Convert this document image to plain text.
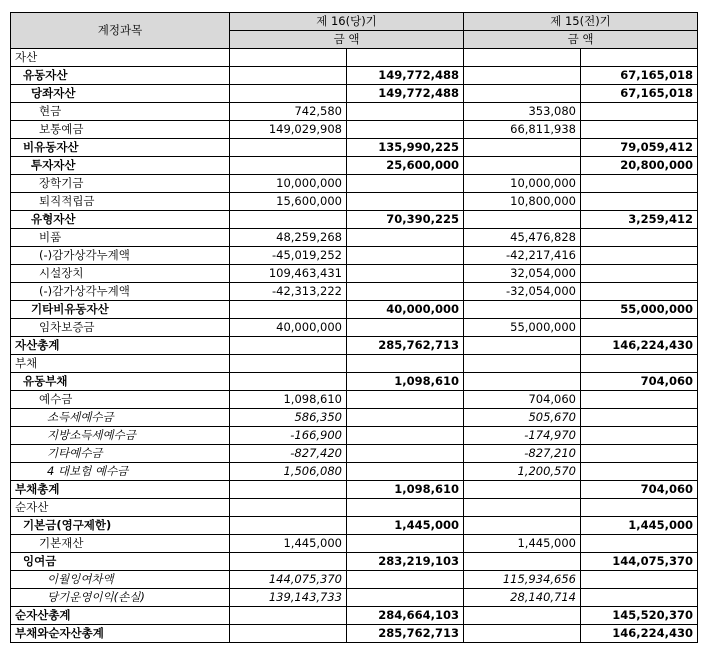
계정과목	제 16(당)기		제 15(전)기	
	금 액		금 액	
자산				
유동자산		149,772,488		67,165,018
당좌자산		149,772,488		67,165,018
현금	742,580		353,080	
보통예금	149,029,908		66,811,938	
비유동자산		135,990,225		79,059,412
투자자산		25,600,000		20,800,000
장학기금	10,000,000		10,000,000	
퇴직적립금	15,600,000		10,800,000	
유형자산		70,390,225		3,259,412
비품	48,259,268		45,476,828	
(-)감가상각누계액	-45,019,252		-42,217,416	
시설장치	109,463,431		32,054,000	
(-)감가상각누계액	-42,313,222		-32,054,000	
기타비유동자산		40,000,000		55,000,000
임차보증금	40,000,000		55,000,000	
자산총계		285,762,713		146,224,430
부채				
유동부채		1,098,610		704,060
예수금	1,098,610		704,060	
소득세예수금	586,350		505,670	
지방소득세예수금	-166,900		-174,970	
기타예수금	-827,420		-827,210	
4 대보험 예수금	1,506,080		1,200,570	
부채총계		1,098,610		704,060
순자산				
기본금(영구제한)		1,445,000		1,445,000
기본재산	1,445,000		1,445,000	
잉여금		283,219,103		144,075,370
이월잉여차액	144,075,370		115,934,656	
당기운영이익(손실)	139,143,733		28,140,714	
순자산총계		284,664,103		145,520,370
부채와순자산총계		285,762,713		146,224,430
